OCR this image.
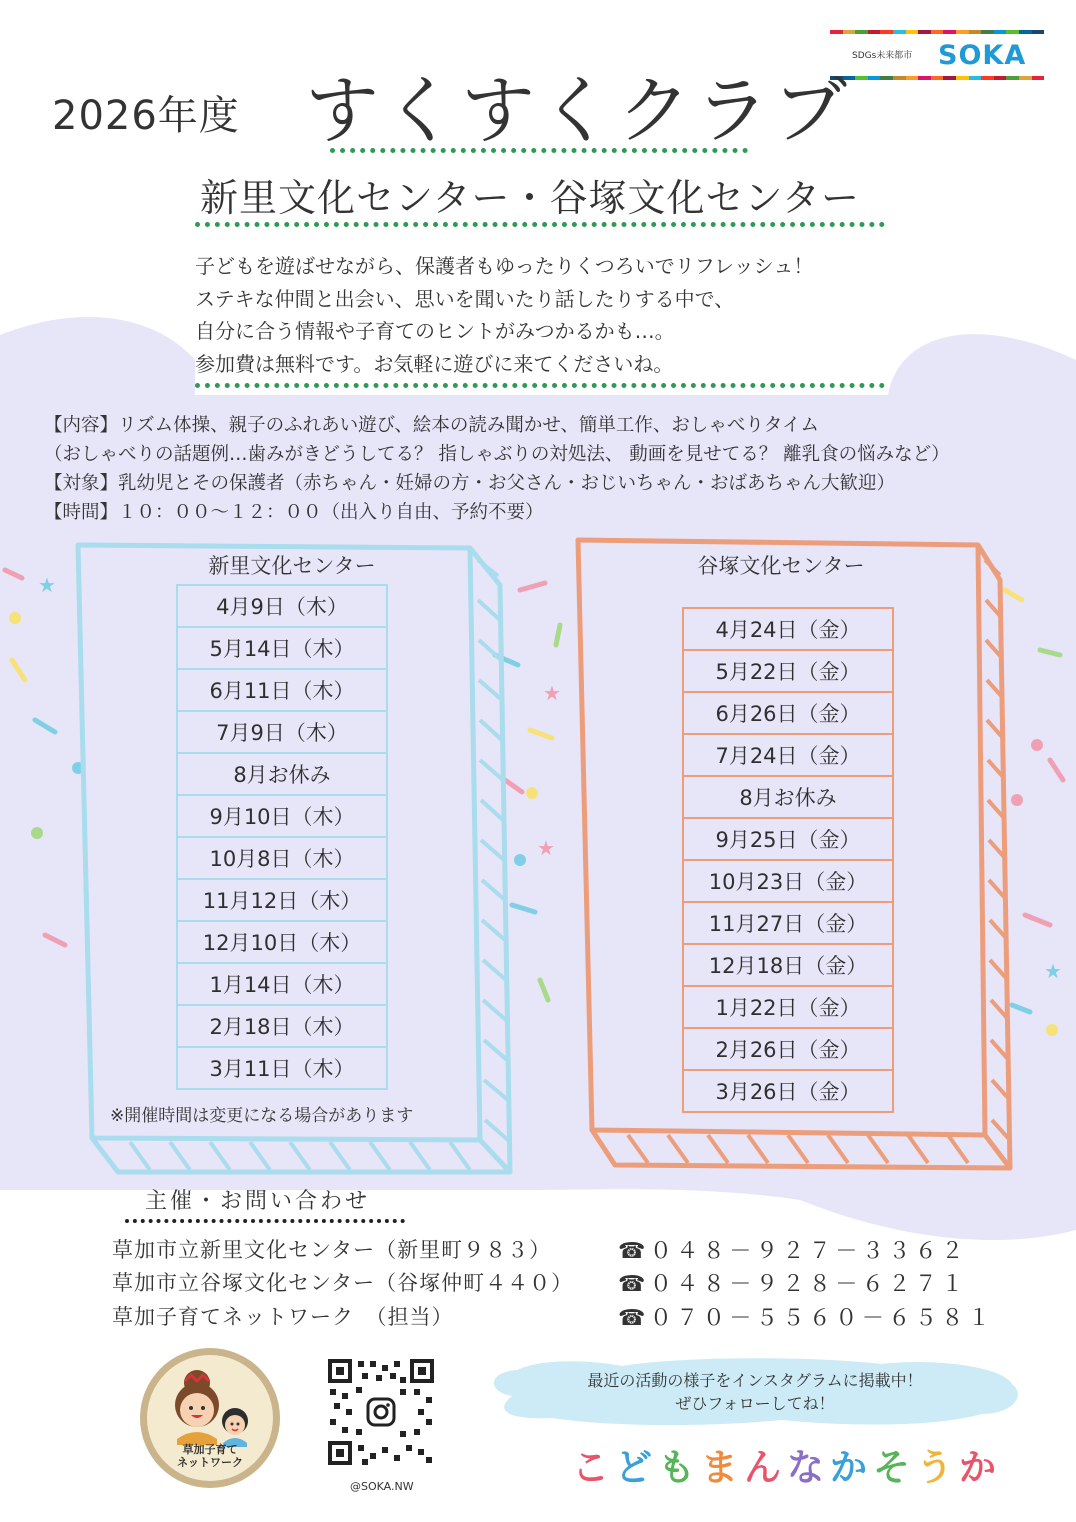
★
★
★
★
SDGs未来都市 SOKA
2026年度 すくすくクラブ
新里文化センター・谷塚文化センター
子どもを遊ばせながら、保護者もゆったりくつろいでリフレッシュ！
ステキな仲間と出会い、思いを聞いたり話したりする中で、
自分に合う情報や子育てのヒントがみつかるかも…。
参加費は無料です。お気軽に遊びに来てくださいね。
【内容】リズム体操、親子のふれあい遊び、絵本の読み聞かせ、簡単工作、おしゃべりタイム
（おしゃべりの話題例…歯みがきどうしてる？ 指しゃぶりの対処法、 動画を見せてる？ 離乳食の悩みなど）
【対象】乳幼児とその保護者（赤ちゃん・妊婦の方・お父さん・おじいちゃん・おばあちゃん大歓迎）
【時間】１０：００～１２：００（出入り自由、予約不要）
新里文化センター
4月9日（木）
5月14日（木）
6月11日（木）
7月9日（木）
8月お休み
9月10日（木）
10月8日（木）
11月12日（木）
12月10日（木）
1月14日（木）
2月18日（木）
3月11日（木）
※開催時間は変更になる場合があります
谷塚文化センター
4月24日（金）
5月22日（金）
6月26日（金）
7月24日（金）
8月お休み
9月25日（金）
10月23日（金）
11月27日（金）
12月18日（金）
1月22日（金）
2月26日（金）
3月26日（金）
主催・お問い合わせ
草加市立新里文化センター（新里町９８３）	☎０４８－９２７－３３６２
草加市立谷塚文化センター（谷塚仲町４４０） ☎０４８－９２８－６２７１
草加子育てネットワーク　（担当）	☎０７０－５５６０－６５８１
草加子育て
ネットワーク
@SOKA.NW
最近の活動の様子をインスタグラムに掲載中！
ぜひフォローしてね！
こどもまんなかそうか
